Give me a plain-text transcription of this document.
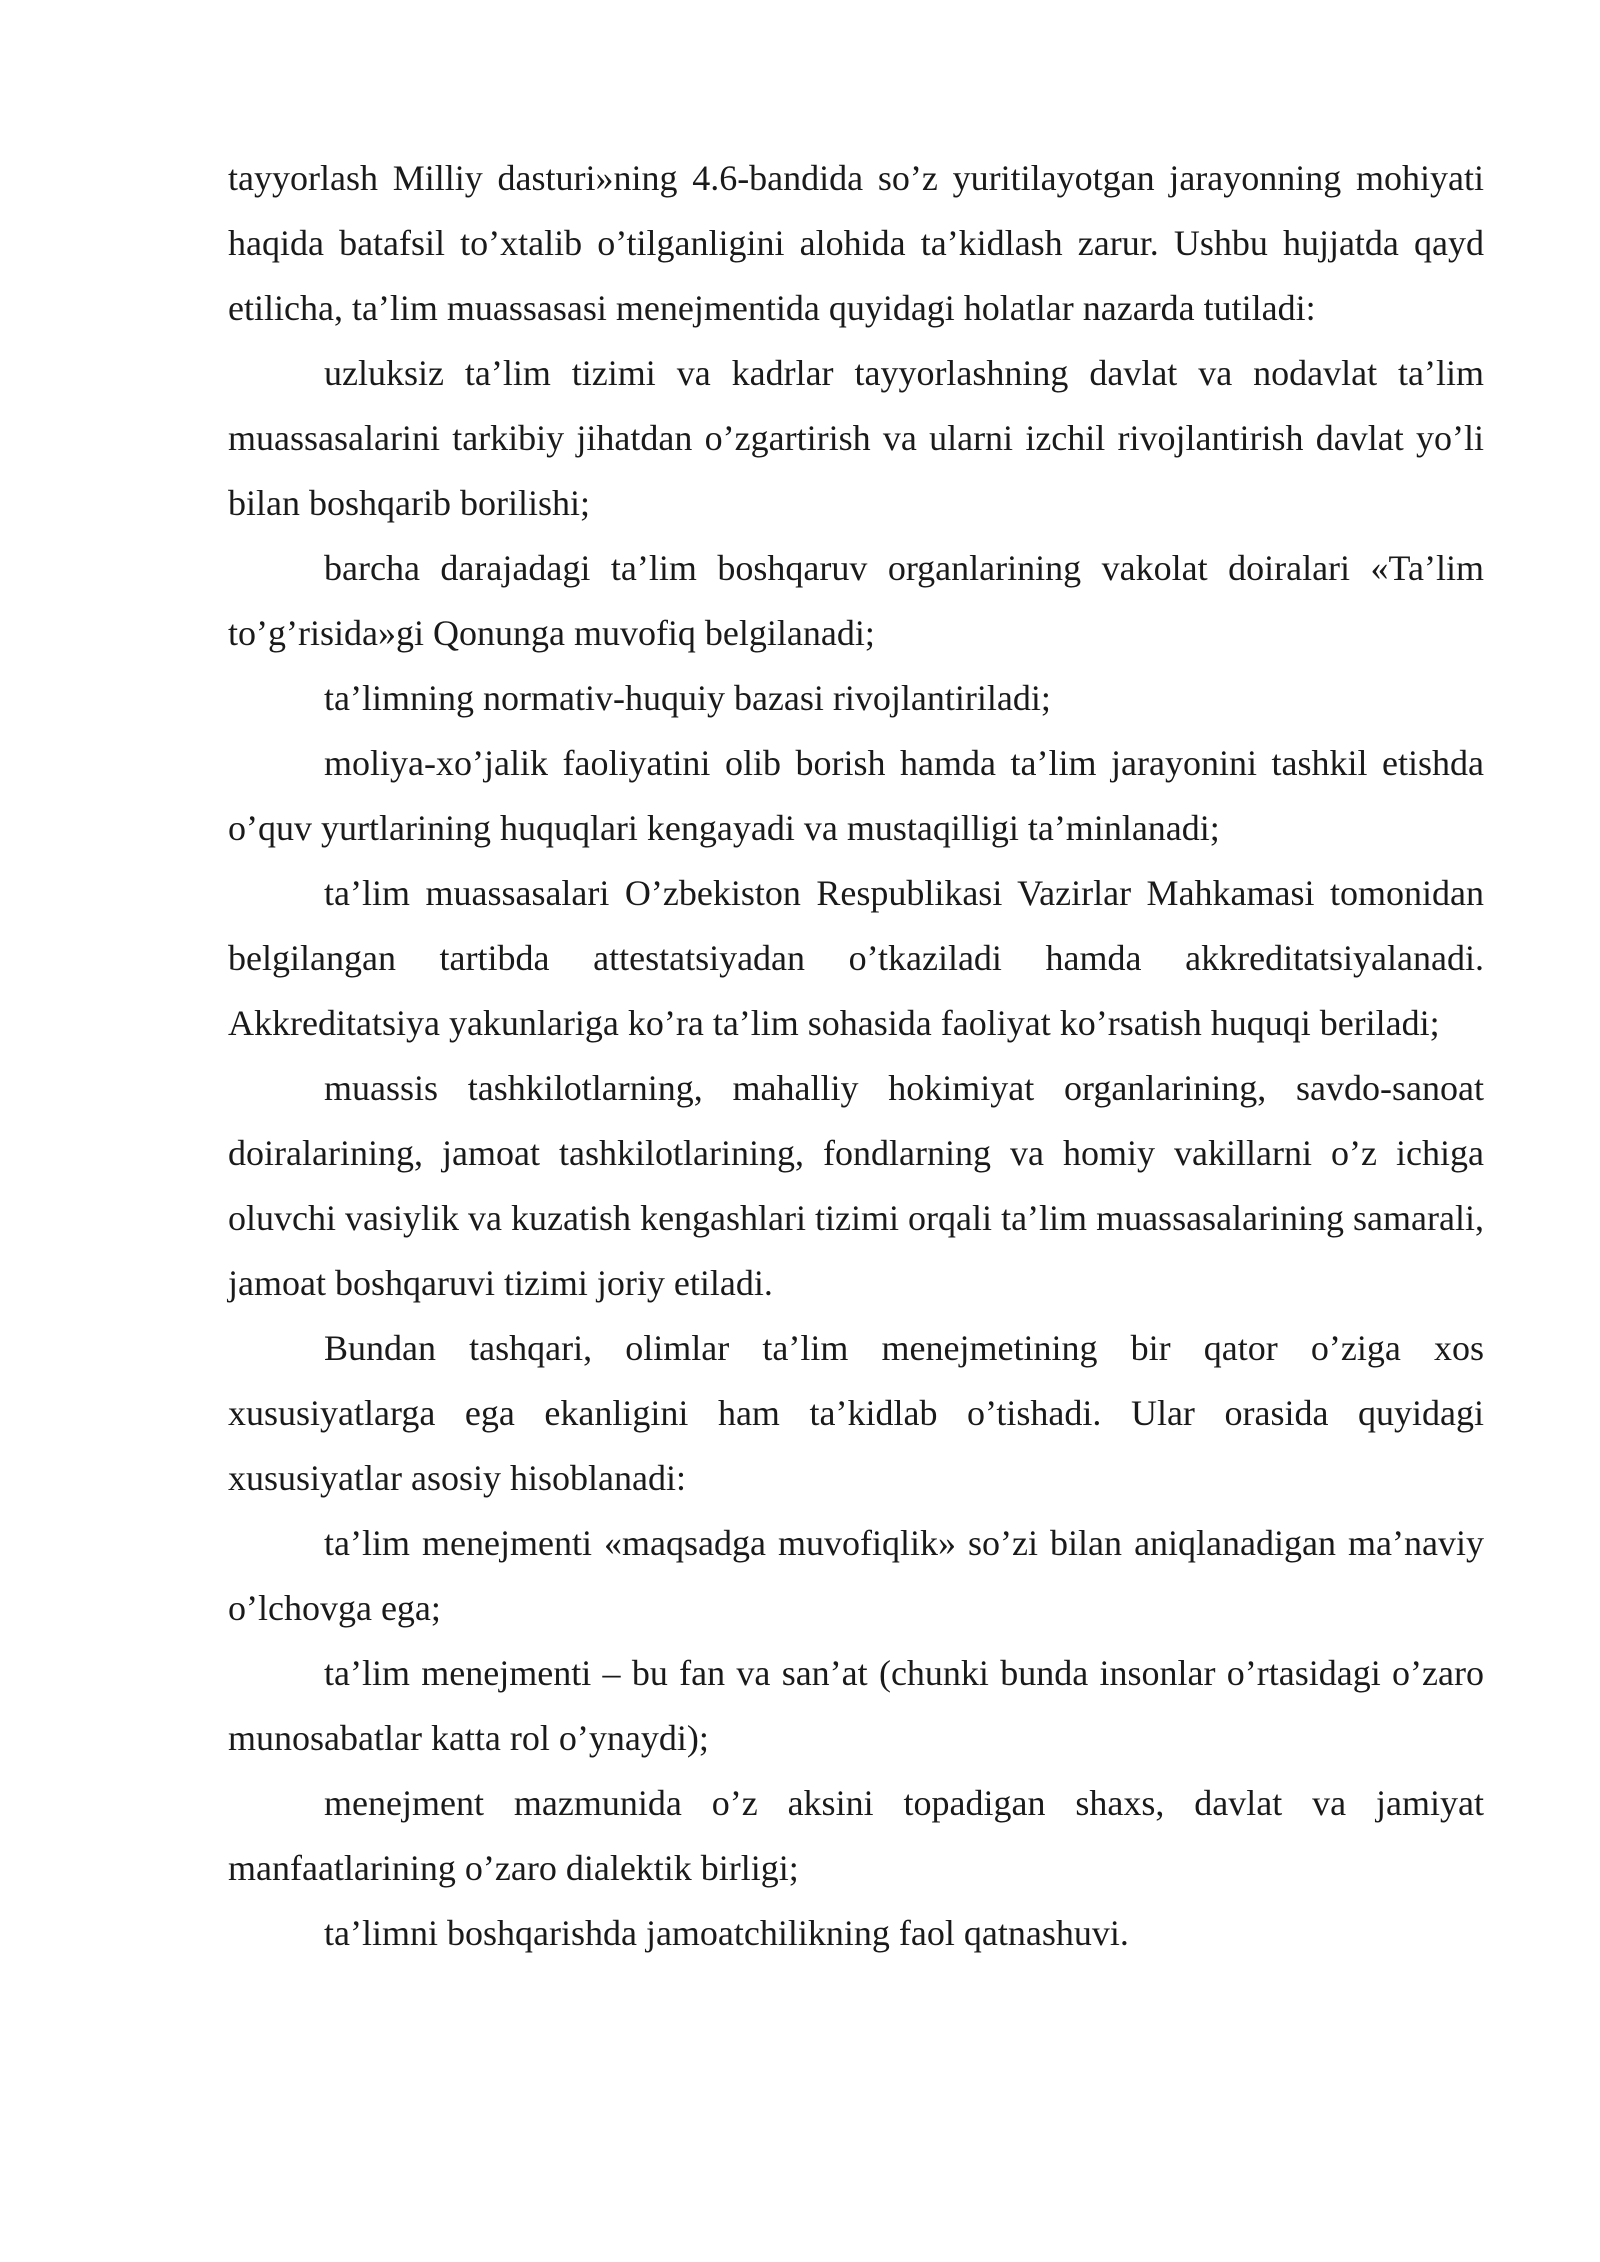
tayyorlash Milliy dasturi»ning 4.6-bandida so’z yuritilayotgan jarayonning mohiyati haqida batafsil to’xtalib o’tilganligini alohida ta’kidlash zarur. Ushbu hujjatda qayd etilicha, ta’lim muassasasi menejmentida quyidagi holatlar nazarda tutiladi:

uzluksiz ta’lim tizimi va kadrlar tayyorlashning davlat va nodavlat ta’lim muassasalarini tarkibiy jihatdan o’zgartirish va ularni izchil rivojlantirish davlat yo’li bilan boshqarib borilishi;

barcha darajadagi ta’lim boshqaruv organlarining vakolat doiralari «Ta’lim to’g’risida»gi Qonunga muvofiq belgilanadi;

ta’limning normativ-huquiy bazasi rivojlantiriladi;

moliya-xo’jalik faoliyatini olib borish hamda ta’lim jarayonini tashkil etishda o’quv yurtlarining huquqlari kengayadi va mustaqilligi ta’minlanadi;

ta’lim muassasalari O’zbekiston Respublikasi Vazirlar Mahkamasi tomonidan belgilangan tartibda attestatsiyadan o’tkaziladi hamda akkreditatsiyalanadi. Akkreditatsiya yakunlariga ko’ra ta’lim sohasida faoliyat ko’rsatish huquqi beriladi;

muassis tashkilotlarning, mahalliy hokimiyat organlarining, savdo-sanoat doiralarining, jamoat tashkilotlarining, fondlarning va homiy vakillarni o’z ichiga oluvchi vasiylik va kuzatish kengashlari tizimi orqali ta’lim muassasalarining samarali, jamoat boshqaruvi tizimi joriy etiladi.

Bundan tashqari, olimlar ta’lim menejmetining bir qator o’ziga xos xususiyatlarga ega ekanligini ham ta’kidlab o’tishadi. Ular orasida quyidagi xususiyatlar asosiy hisoblanadi:

ta’lim menejmenti «maqsadga muvofiqlik» so’zi bilan aniqlanadigan ma’naviy o’lchovga ega;

ta’lim menejmenti – bu fan va san’at (chunki bunda insonlar o’rtasidagi o’zaro munosabatlar katta rol o’ynaydi);

menejment mazmunida o’z aksini topadigan shaxs, davlat va jamiyat manfaatlarining o’zaro dialektik birligi;

ta’limni boshqarishda jamoatchilikning faol qatnashuvi.
